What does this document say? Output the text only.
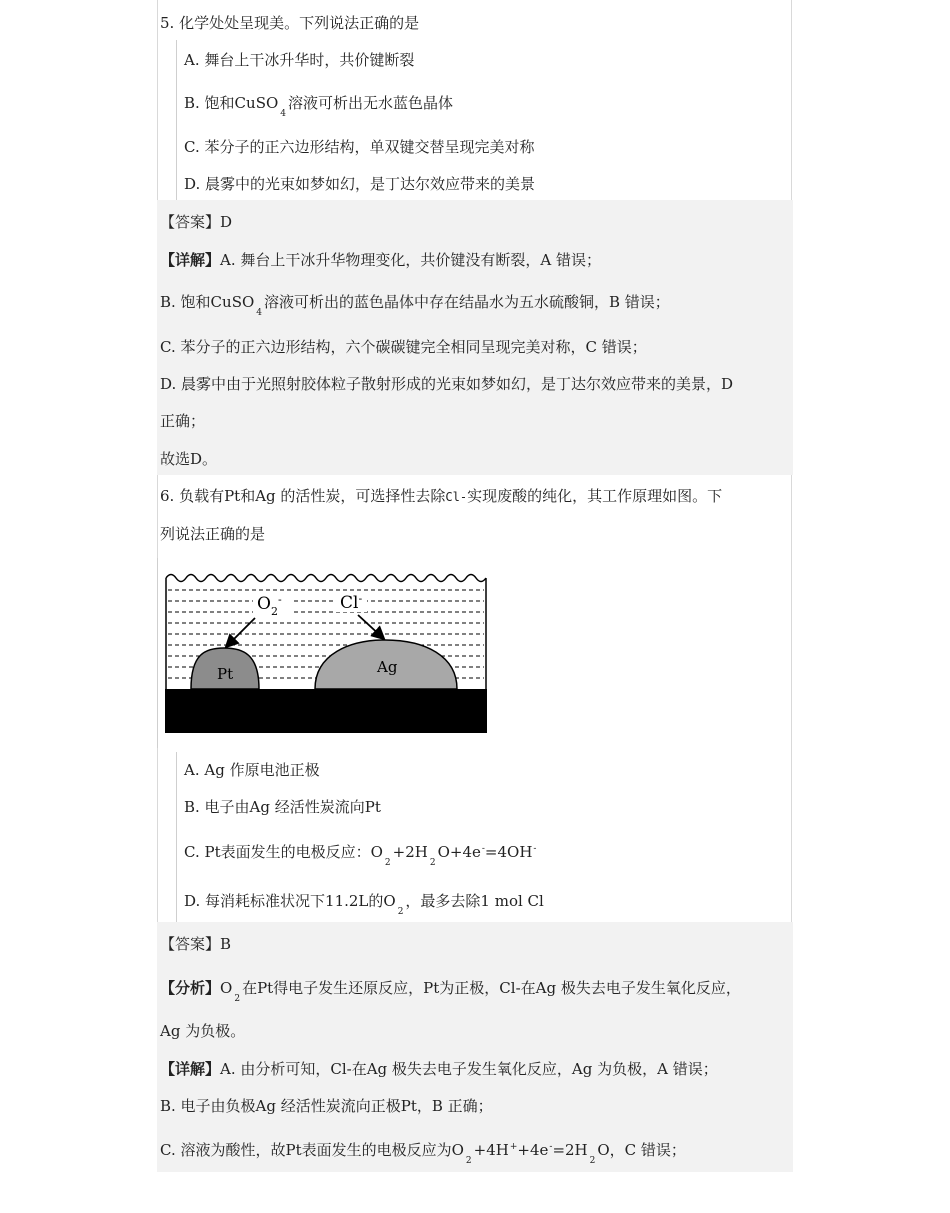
5. 化学处处呈现美。下列说法正确的是
A. 舞台上干冰升华时，共价键断裂
B. 饱和CuSO$_4$溶液可析出无水蓝色晶体
C. 苯分子的正六边形结构，单双键交替呈现完美对称
D. 晨雾中的光束如梦如幻，是丁达尔效应带来的美景
【答案】D
【详解】A. 舞台上干冰升华物理变化，共价键没有断裂，A 错误；
B. 饱和CuSO$_4$溶液可析出的蓝色晶体中存在结晶水为五水硫酸铜，B 错误；
C. 苯分子的正六边形结构，六个碳碳键完全相同呈现完美对称，C 错误；
D. 晨雾中由于光照射胶体粒子散射形成的光束如梦如幻，是丁达尔效应带来的美景，D
正确；
故选D。
6. 负载有Pt和Ag 的活性炭，可选择性去除Cl-实现废酸的纯化，其工作原理如图。下
列说法正确的是
$O_2^-$	Cl-
Pt	Ag
A. Ag 作原电池正极
B. 电子由Ag 经活性炭流向Pt
C. Pt表面发生的电极反应：$O_2+2H_2O+4e^-=4OH^-$
D. 每消耗标准状况下11.2L的$O_2$，最多去除1 mol Cl
【答案】B
【分析】$O_2$在Pt得电子发生还原反应，Pt为正极，Cl-在Ag 极失去电子发生氧化反应，
Ag 为负极。
【详解】A. 由分析可知，Cl-在Ag 极失去电子发生氧化反应，Ag 为负极，A 错误；
B. 电子由负极Ag 经活性炭流向正极Pt，B 正确；
C. 溶液为酸性，故Pt表面发生的电极反应为$O_2+4H^++4e^-=2H_2O$，C 错误；
